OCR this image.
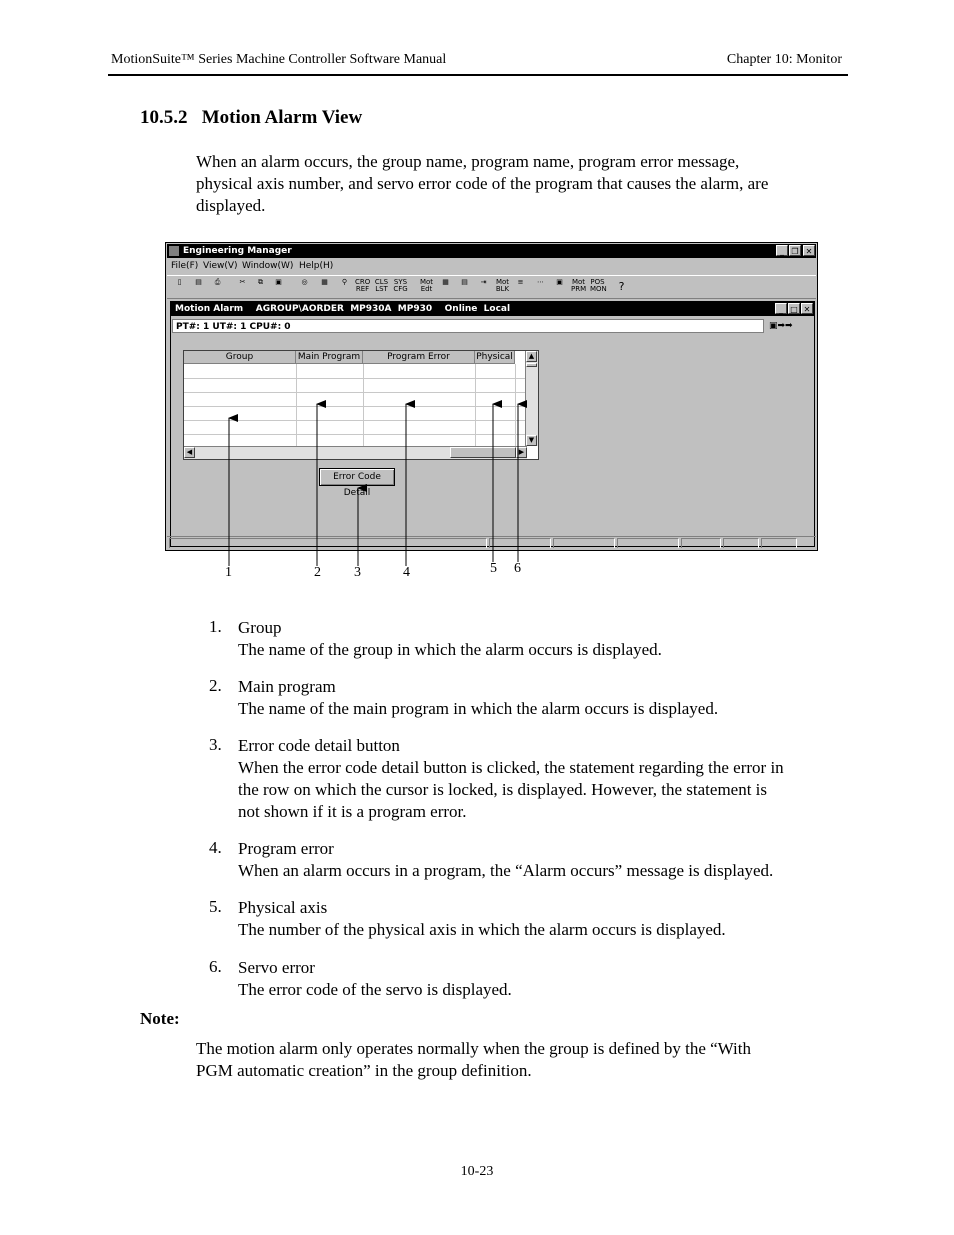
MotionSuite™ Series Machine Controller Software Manual	Chapter 10: Monitor
10.5.2   Motion Alarm View
When an alarm occurs, the group name, program name, program error message,
physical axis number, and servo error code of the program that causes the alarm, are
displayed.
Engineering Manager	_ ❐ ✕
File(F) View(V) Window(W) Help(H)
▯	▤	⎙	✂	⧉	▣	◎	▦	⚲	CRO REF
CLS LST
SYS CFG
Mot Edt
▦	▤	⇥	Mot BLK
≡	⋯	▣	Mot PRM
POS MON	?
Motion Alarm    AGROUP\AORDER  MP930A  MP930    Online  Local	_ □ ✕
PT#: 1 UT#: 1 CPU#: 0	▣➡➡
Group	Main Program	Program Error	Physical	▲
▼
◀	▶
Error Code Detail
1	2 3	4	5 6
1. Group
The name of the group in which the alarm occurs is displayed.
2. Main program
The name of the main program in which the alarm occurs is displayed.
3. Error code detail button
When the error code detail button is clicked, the statement regarding the error in
the row on which the cursor is locked, is displayed. However, the statement is
not shown if it is a program error.
4. Program error
When an alarm occurs in a program, the “Alarm occurs” message is displayed.
5. Physical axis
The number of the physical axis in which the alarm occurs is displayed.
6. Servo error
The error code of the servo is displayed.
Note:
The motion alarm only operates normally when the group is defined by the “With
PGM automatic creation” in the group definition.
10-23
